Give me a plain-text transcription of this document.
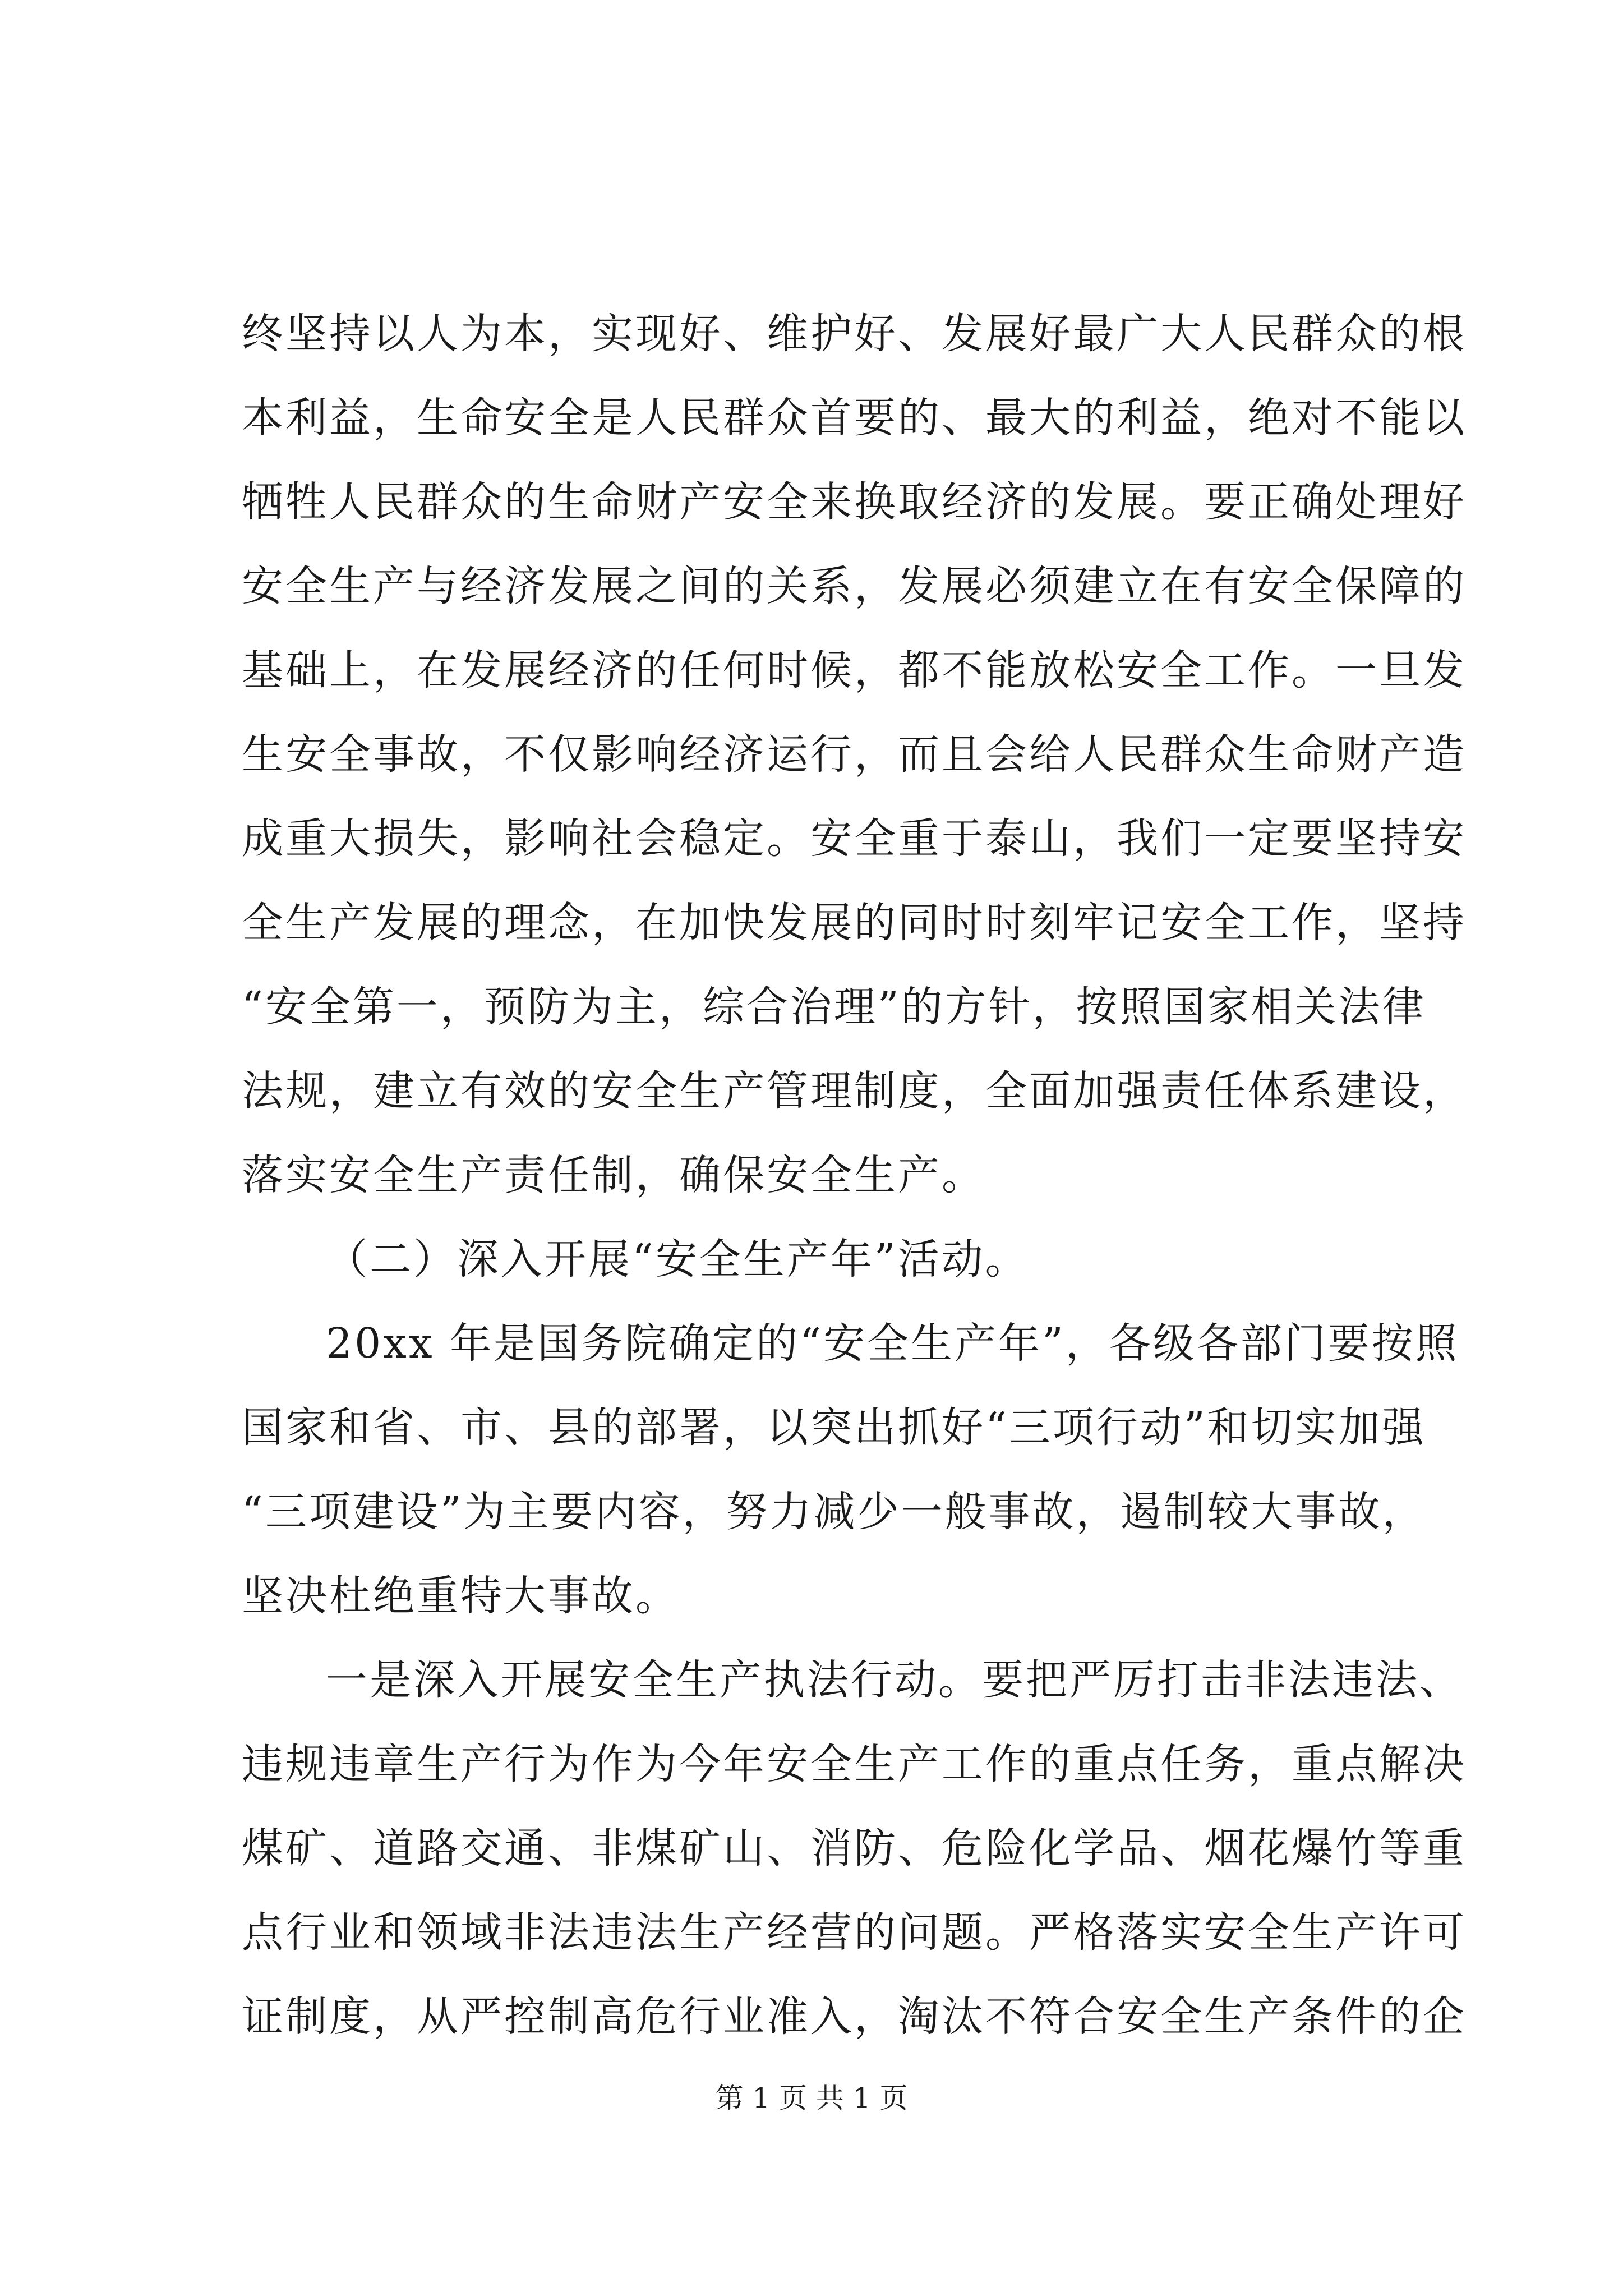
终坚持以人为本，实现好、维护好、发展好最广大人民群众的根
本利益，生命安全是人民群众首要的、最大的利益，绝对不能以
牺牲人民群众的生命财产安全来换取经济的发展。要正确处理好
安全生产与经济发展之间的关系，发展必须建立在有安全保障的
基础上，在发展经济的任何时候，都不能放松安全工作。一旦发
生安全事故，不仅影响经济运行，而且会给人民群众生命财产造
成重大损失，影响社会稳定。安全重于泰山，我们一定要坚持安
全生产发展的理念，在加快发展的同时时刻牢记安全工作，坚持
“安全第一，预防为主，综合治理”的方针，按照国家相关法律
法规，建立有效的安全生产管理制度，全面加强责任体系建设，
落实安全生产责任制，确保安全生产。
（二）深入开展“安全生产年”活动。
20xx 年是国务院确定的“安全生产年”，各级各部门要按照
国家和省、市、县的部署，以突出抓好“三项行动”和切实加强
“三项建设”为主要内容，努力减少一般事故，遏制较大事故，
坚决杜绝重特大事故。
一是深入开展安全生产执法行动。要把严厉打击非法违法、
违规违章生产行为作为今年安全生产工作的重点任务，重点解决
煤矿、道路交通、非煤矿山、消防、危险化学品、烟花爆竹等重
点行业和领域非法违法生产经营的问题。严格落实安全生产许可
证制度，从严控制高危行业准入，淘汰不符合安全生产条件的企
第 1 页 共 1 页
